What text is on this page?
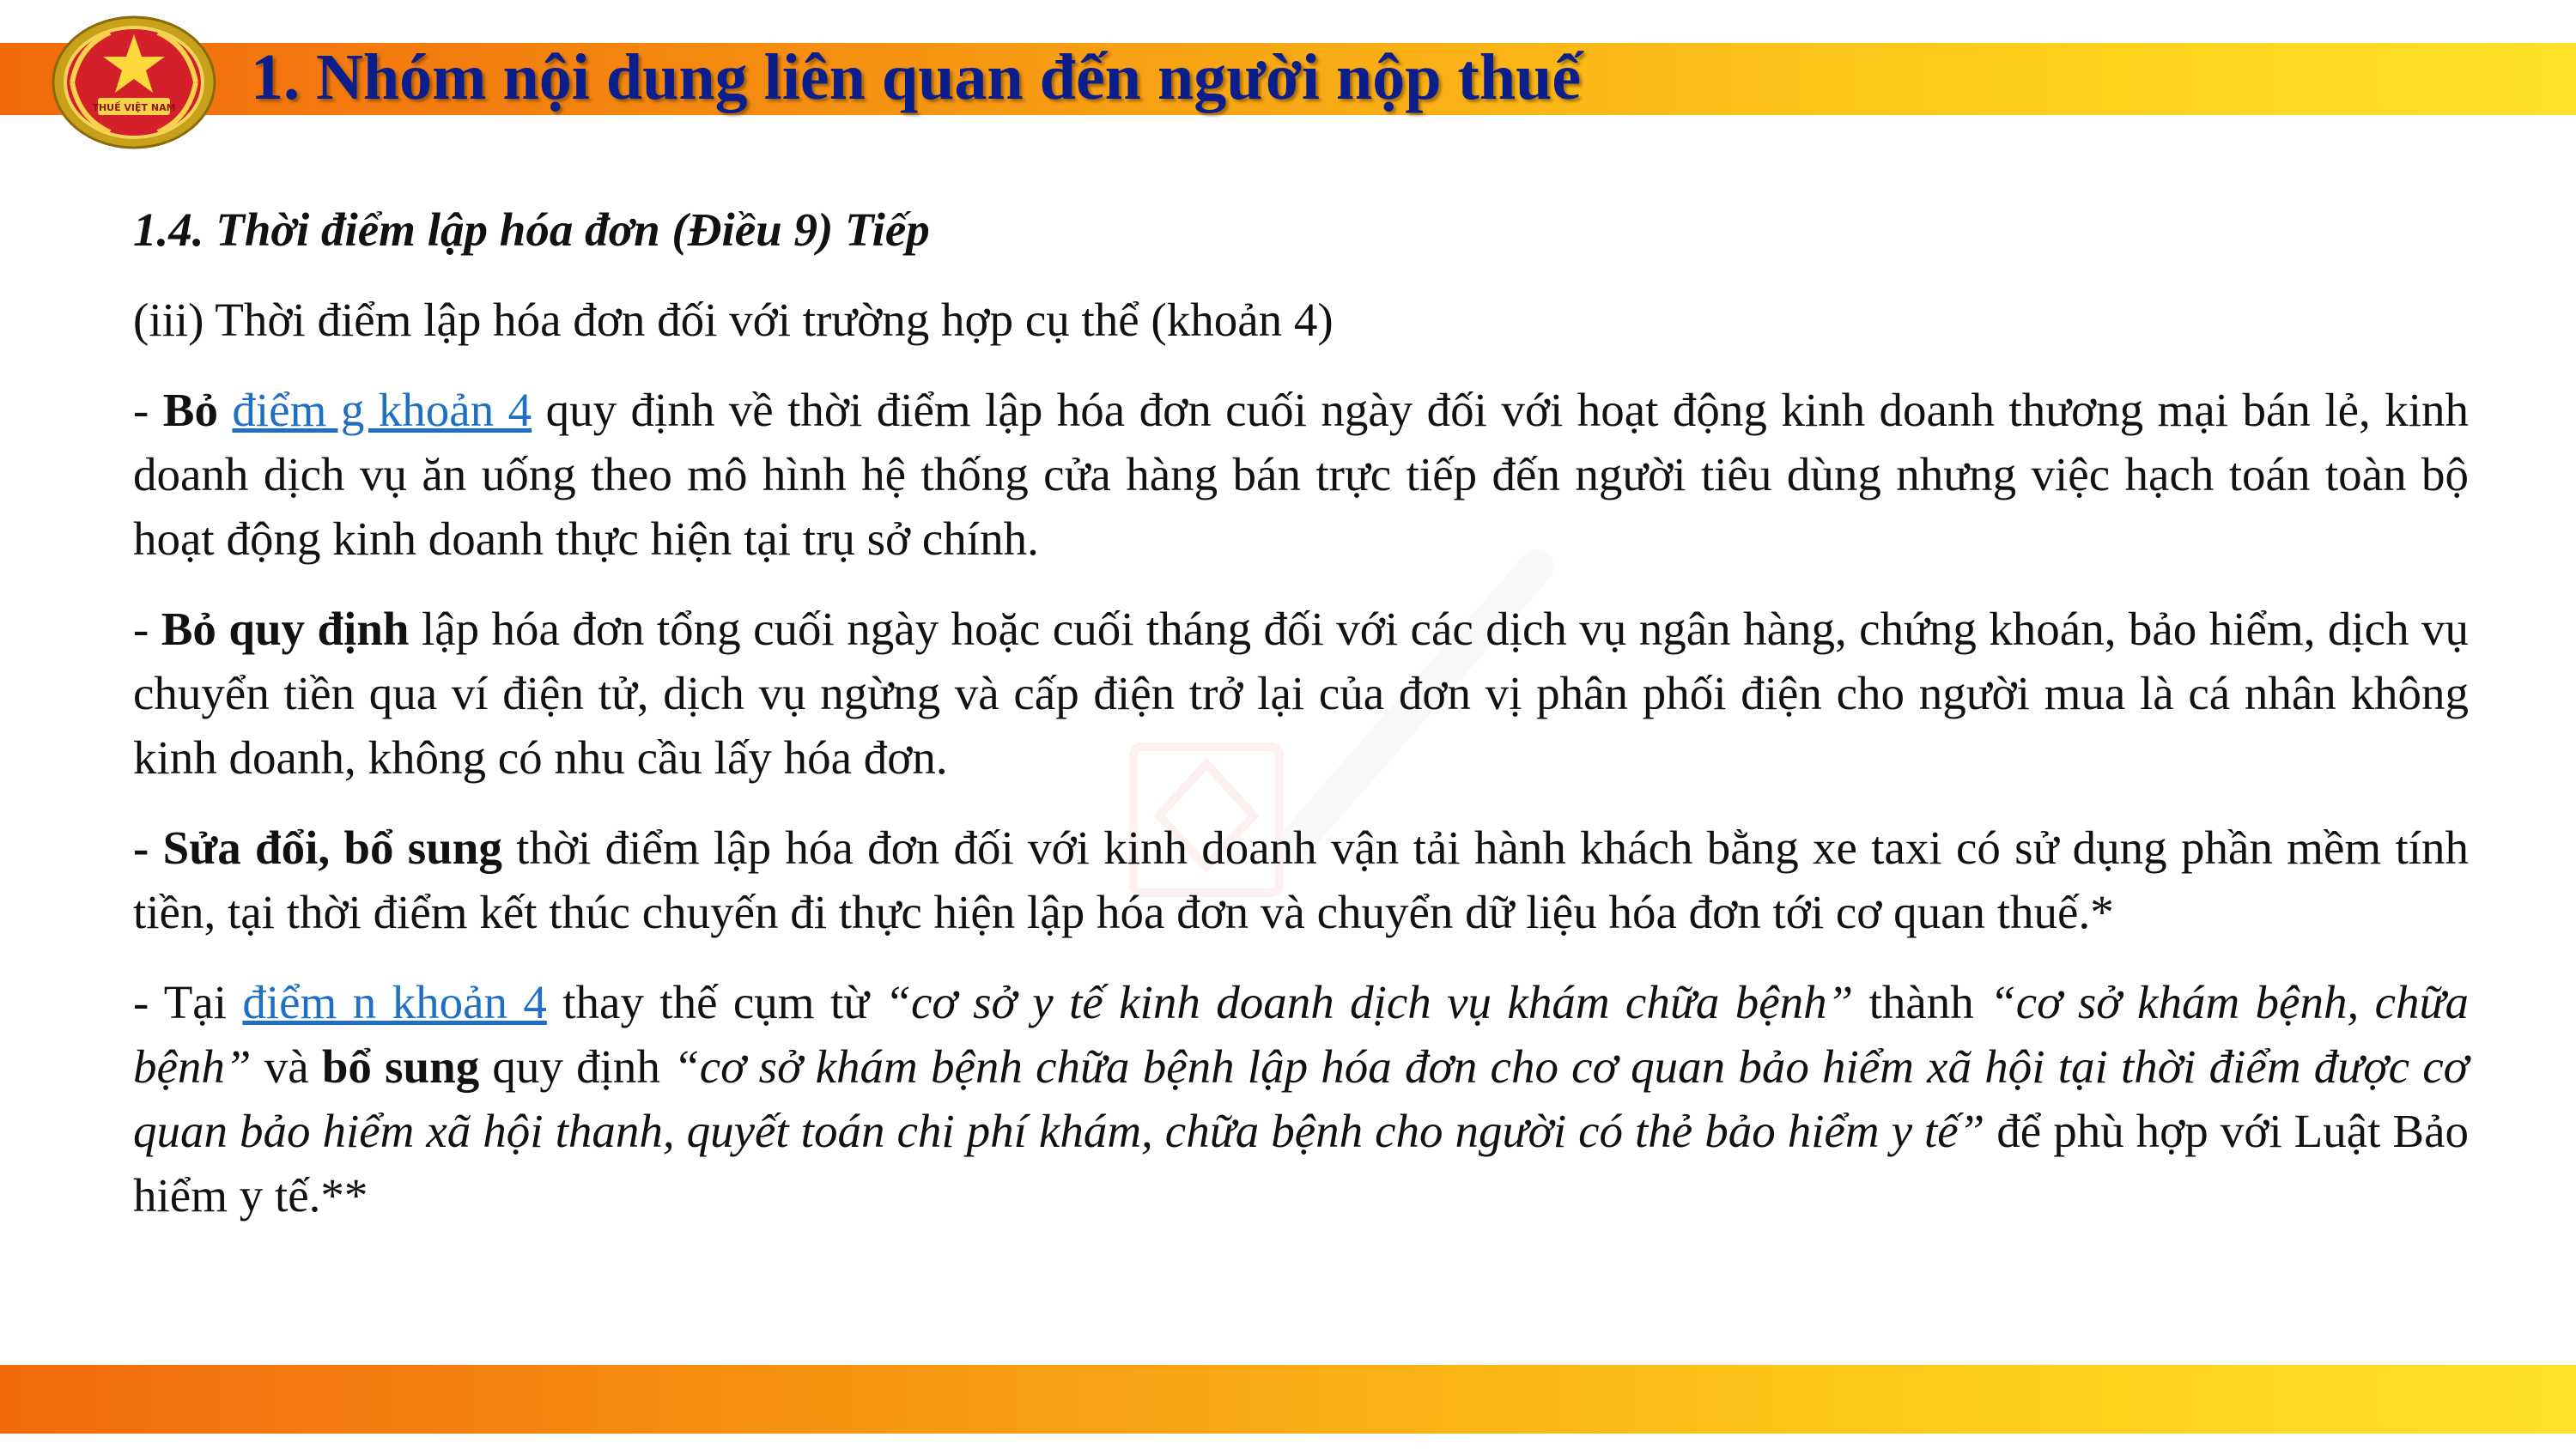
THUẾ VIỆT NAM 1. Nhóm nội dung liên quan đến người nộp thuế

1.4. Thời điểm lập hóa đơn (Điều 9) Tiếp

(iii) Thời điểm lập hóa đơn đối với trường hợp cụ thể (khoản 4)

- Bỏ điểm g khoản 4 quy định về thời điểm lập hóa đơn cuối ngày đối với hoạt động kinh doanh thương mại bán lẻ, kinh doanh dịch vụ ăn uống theo mô hình hệ thống cửa hàng bán trực tiếp đến người tiêu dùng nhưng việc hạch toán toàn bộ hoạt động kinh doanh thực hiện tại trụ sở chính.

- Bỏ quy định lập hóa đơn tổng cuối ngày hoặc cuối tháng đối với các dịch vụ ngân hàng, chứng khoán, bảo hiểm, dịch vụ chuyển tiền qua ví điện tử, dịch vụ ngừng và cấp điện trở lại của đơn vị phân phối điện cho người mua là cá nhân không kinh doanh, không có nhu cầu lấy hóa đơn.

- Sửa đổi, bổ sung thời điểm lập hóa đơn đối với kinh doanh vận tải hành khách bằng xe taxi có sử dụng phần mềm tính tiền, tại thời điểm kết thúc chuyến đi thực hiện lập hóa đơn và chuyển dữ liệu hóa đơn tới cơ quan thuế.*

- Tại điểm n khoản 4 thay thế cụm từ “cơ sở y tế kinh doanh dịch vụ khám chữa bệnh” thành “cơ sở khám bệnh, chữa bệnh” và bổ sung quy định “cơ sở khám bệnh chữa bệnh lập hóa đơn cho cơ quan bảo hiểm xã hội tại thời điểm được cơ quan bảo hiểm xã hội thanh, quyết toán chi phí khám, chữa bệnh cho người có thẻ bảo hiểm y tế” để phù hợp với Luật Bảo hiểm y tế.**
